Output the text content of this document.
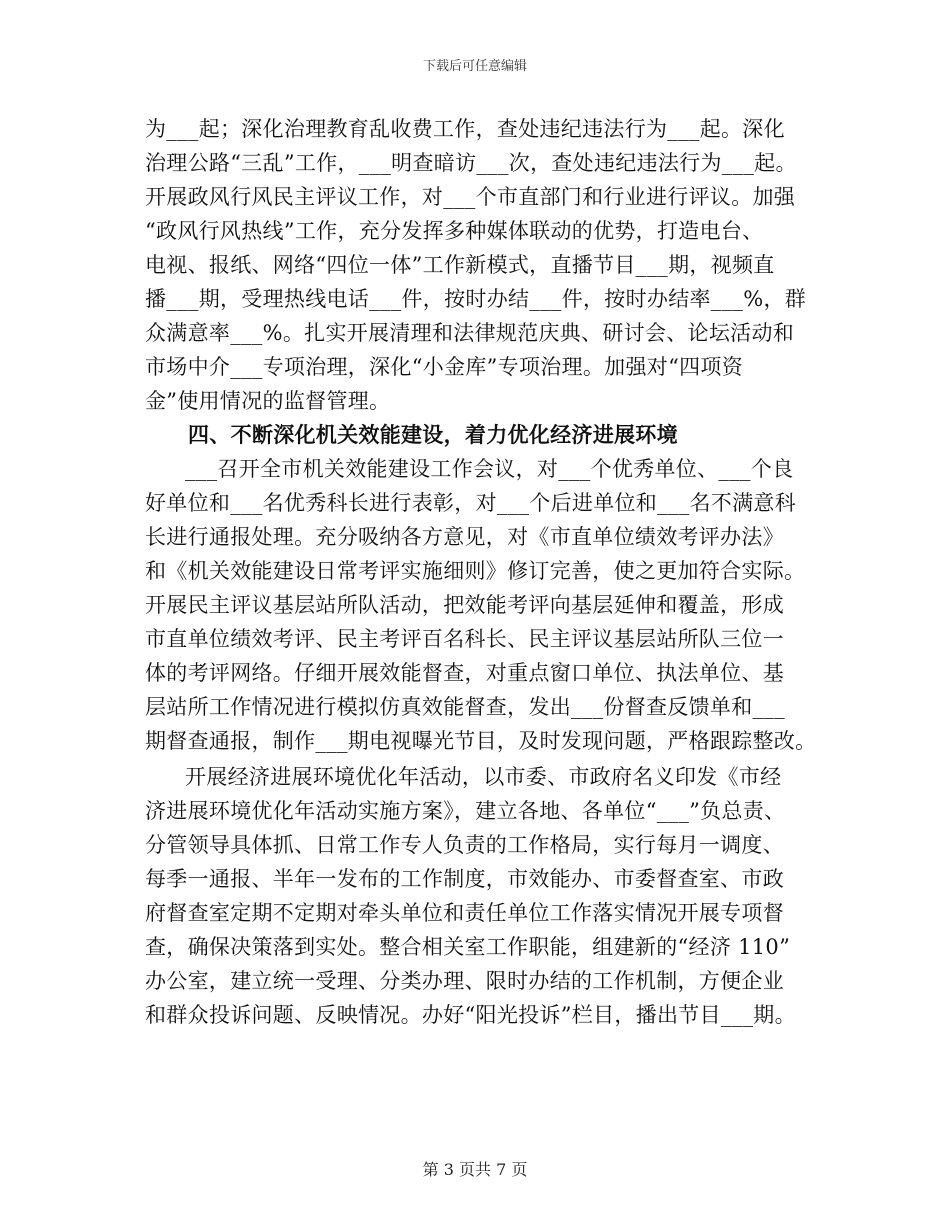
下载后可任意编辑
为___起；深化治理教育乱收费工作，查处违纪违法行为___起。深化
治理公路“三乱”工作，___明查暗访___次，查处违纪违法行为___起。
开展政风行风民主评议工作，对___个市直部门和行业进行评议。加强
“政风行风热线”工作，充分发挥多种媒体联动的优势，打造电台、
电视、报纸、网络“四位一体”工作新模式，直播节目___期，视频直
播___期，受理热线电话___件，按时办结___件，按时办结率___%，群
众满意率___%。扎实开展清理和法律规范庆典、研讨会、论坛活动和
市场中介___专项治理，深化“小金库”专项治理。加强对“四项资
金”使用情况的监督管理。
四、不断深化机关效能建设，着力优化经济进展环境
___召开全市机关效能建设工作会议，对___个优秀单位、___个良
好单位和___名优秀科长进行表彰，对___个后进单位和___名不满意科
长进行通报处理。充分吸纳各方意见，对《市直单位绩效考评办法》
和《机关效能建设日常考评实施细则》修订完善，使之更加符合实际。
开展民主评议基层站所队活动，把效能考评向基层延伸和覆盖，形成
市直单位绩效考评、民主考评百名科长、民主评议基层站所队三位一
体的考评网络。仔细开展效能督查，对重点窗口单位、执法单位、基
层站所工作情况进行模拟仿真效能督查，发出___份督查反馈单和___
期督查通报，制作___期电视曝光节目，及时发现问题，严格跟踪整改。
开展经济进展环境优化年活动，以市委、市政府名义印发《市经
济进展环境优化年活动实施方案》，建立各地、各单位“___”负总责、
分管领导具体抓、日常工作专人负责的工作格局，实行每月一调度、
每季一通报、半年一发布的工作制度，市效能办、市委督查室、市政
府督查室定期不定期对牵头单位和责任单位工作落实情况开展专项督
查，确保决策落到实处。整合相关室工作职能，组建新的“经济 110”
办公室，建立统一受理、分类办理、限时办结的工作机制，方便企业
和群众投诉问题、反映情况。办好“阳光投诉”栏目，播出节目___期。
第 3 页共 7 页
